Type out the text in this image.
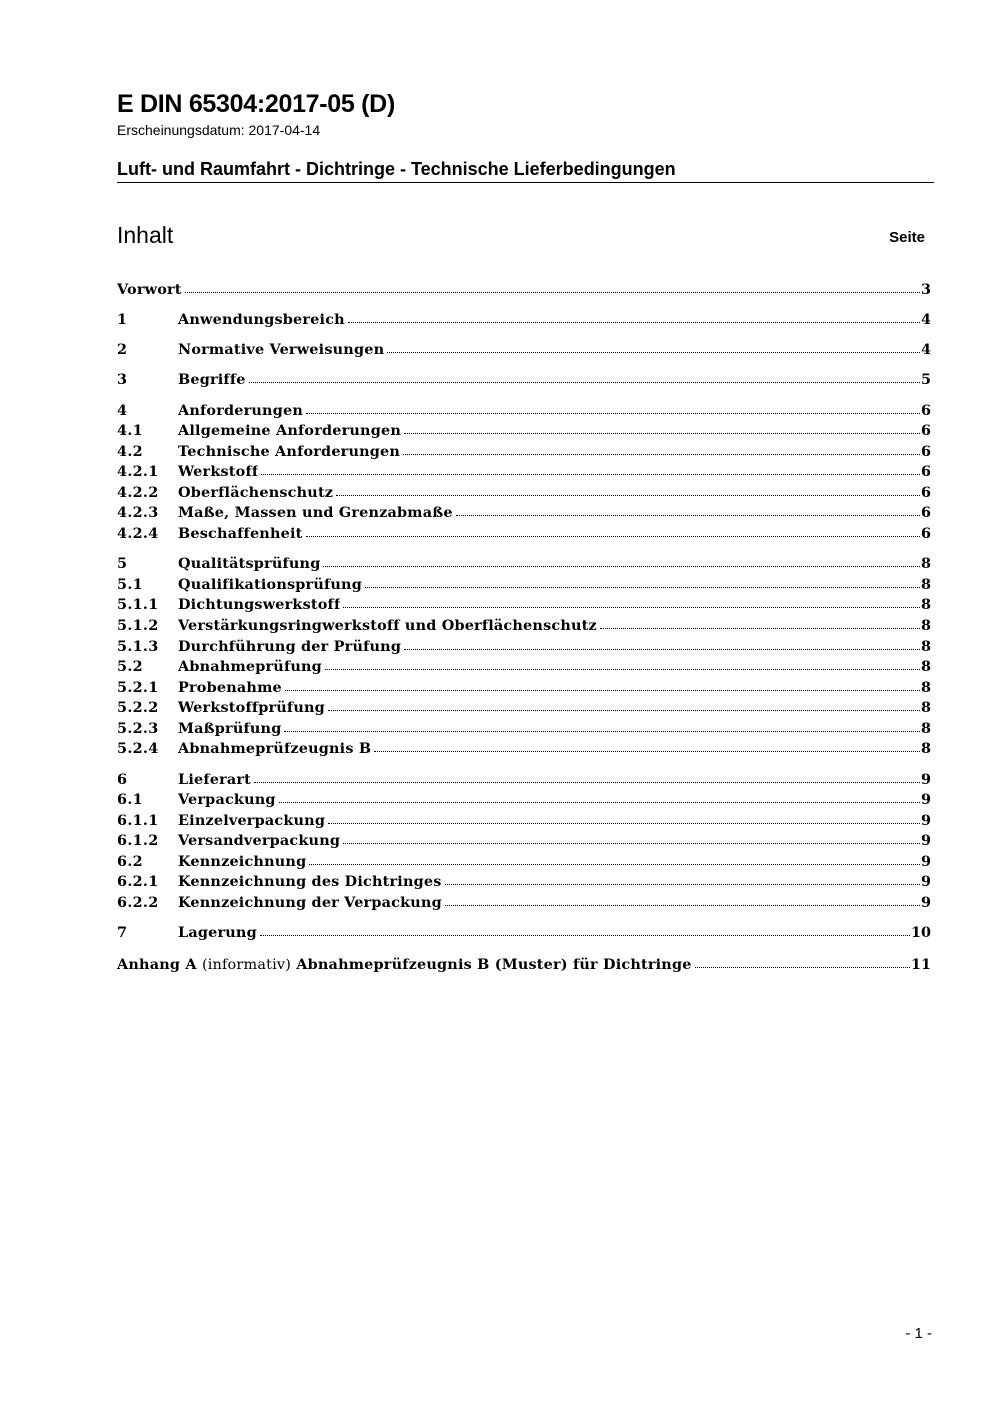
E DIN 65304:2017-05 (D)
Erscheinungsdatum: 2017-04-14
Luft- und Raumfahrt - Dichtringe - Technische Lieferbedingungen
Inhalt	Seite
Vorwort	3
1	Anwendungsbereich	4
2	Normative Verweisungen	4
3	Begriffe	5
4	Anforderungen	6
4.1	Allgemeine Anforderungen	6
4.2	Technische Anforderungen	6
4.2.1	Werkstoff	6
4.2.2	Oberflächenschutz	6
4.2.3	Maße, Massen und Grenzabmaße	6
4.2.4	Beschaffenheit	6
5	Qualitätsprüfung	8
5.1	Qualifikationsprüfung	8
5.1.1	Dichtungswerkstoff	8
5.1.2	Verstärkungsringwerkstoff und Oberflächenschutz	8
5.1.3	Durchführung der Prüfung	8
5.2	Abnahmeprüfung	8
5.2.1	Probenahme	8
5.2.2	Werkstoffprüfung	8
5.2.3	Maßprüfung	8
5.2.4	Abnahmeprüfzeugnis B	8
6	Lieferart	9
6.1	Verpackung	9
6.1.1	Einzelverpackung	9
6.1.2	Versandverpackung	9
6.2	Kennzeichnung	9
6.2.1	Kennzeichnung des Dichtringes	9
6.2.2	Kennzeichnung der Verpackung	9
7	Lagerung	10
Anhang A (informativ) Abnahmeprüfzeugnis B (Muster) für Dichtringe	11
- 1 -
